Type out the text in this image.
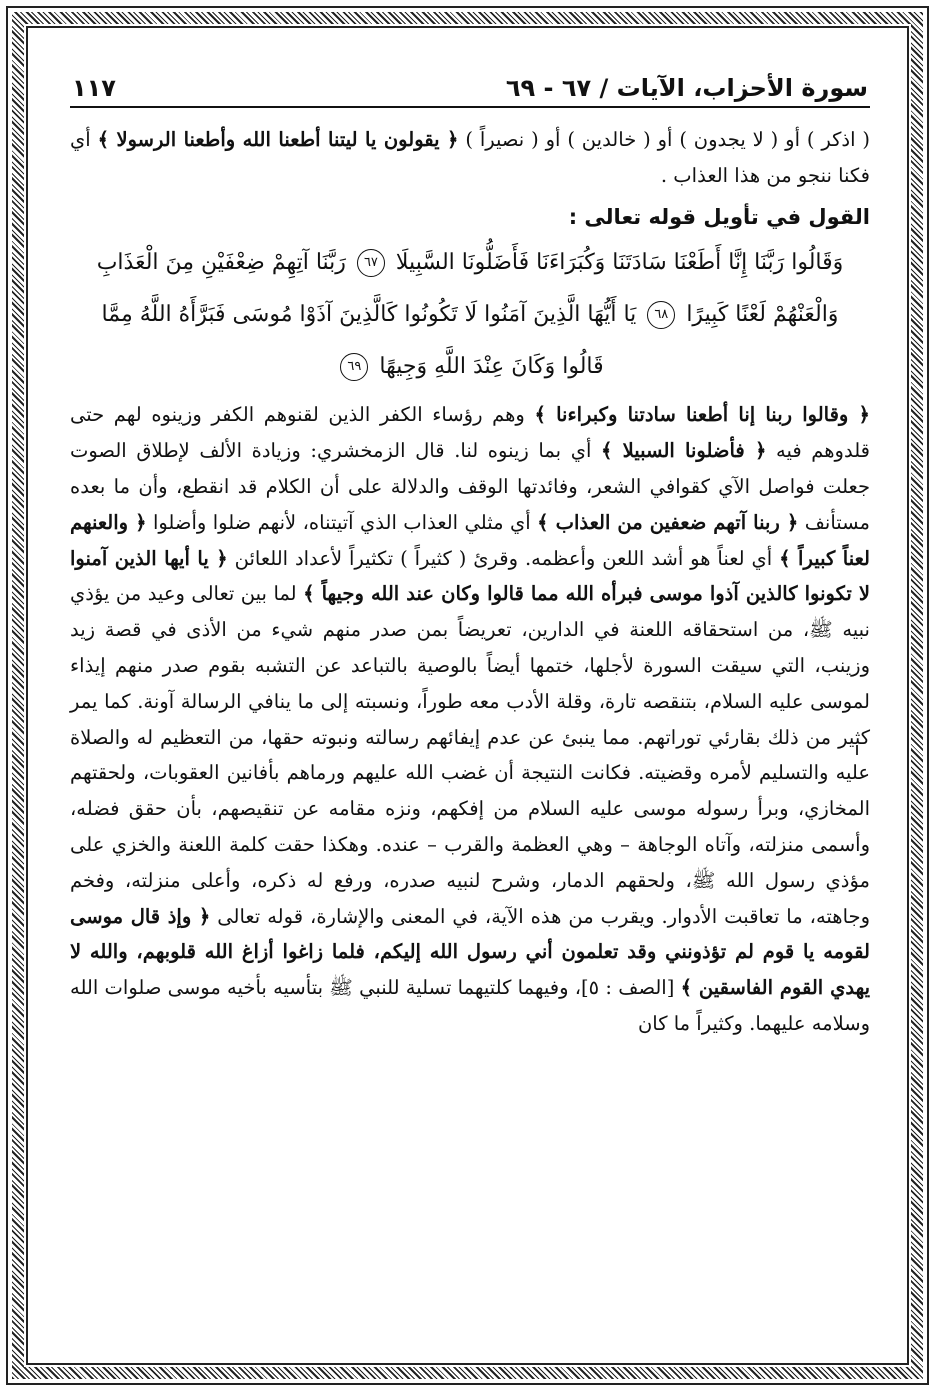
سورة الأحزاب، الآيات / ٦٧ - ٦٩
١١٧

( اذكر ) أو ( لا يجدون ) أو ( خالدين ) أو ( نصيراً ) ﴿ يقولون يا ليتنا أطعنا الله وأطعنا الرسولا ﴾ أي فكنا ننجو من هذا العذاب .

القول في تأويل قوله تعالى :
وَقَالُوا رَبَّنَا إِنَّا أَطَعْنَا سَادَتَنَا وَكُبَرَاءَنَا فَأَضَلُّونَا السَّبِيلَا ٦٧ رَبَّنَا آتِهِمْ ضِعْفَيْنِ مِنَ الْعَذَابِ وَالْعَنْهُمْ لَعْنًا كَبِيرًا ٦٨ يَا أَيُّهَا الَّذِينَ آمَنُوا لَا تَكُونُوا كَالَّذِينَ آذَوْا مُوسَى فَبَرَّأَهُ اللَّهُ مِمَّا قَالُوا وَكَانَ عِنْدَ اللَّهِ وَجِيهًا ٦٩

﴿ وقالوا ربنا إنا أطعنا سادتنا وكبراءنا ﴾ وهم رؤساء الكفر الذين لقنوهم الكفر وزينوه لهم حتى قلدوهم فيه ﴿ فأضلونا السبيلا ﴾ أي بما زينوه لنا. قال الزمخشري: وزيادة الألف لإطلاق الصوت جعلت فواصل الآي كقوافي الشعر، وفائدتها الوقف والدلالة على أن الكلام قد انقطع، وأن ما بعده مستأنف ﴿ ربنا آتهم ضعفين من العذاب ﴾ أي مثلي العذاب الذي آتيتناه، لأنهم ضلوا وأضلوا ﴿ والعنهم لعناً كبيراً ﴾ أي لعناً هو أشد اللعن وأعظمه. وقرئ ( كثيراً ) تكثيراً لأعداد اللعائن ﴿ يا أيها الذين آمنوا لا تكونوا كالذين آذوا موسى فبرأه الله مما قالوا وكان عند الله وجيهاً ﴾ لما بين تعالى وعيد من يؤذي نبيه ﷺ، من استحقاقه اللعنة في الدارين، تعريضاً بمن صدر منهم شيء من الأذى في قصة زيد وزينب، التي سيقت السورة لأجلها، ختمها أيضاً بالوصية بالتباعد عن التشبه بقوم صدر منهم إيذاء لموسى عليه السلام، بتنقصه تارة، وقلة الأدب معه طوراً، ونسبته إلى ما ينافي الرسالة آونة. كما يمر كثير من ذلك بقارئي توراتهم. مما ينبئ عن عدم إيفائهم رسالته ونبوته حقها، من التعظيم له والصلاة عليه والتسليم لأمره وقضيته. فكانت النتيجة أن غضب الله عليهم ورماهم بأفانين العقوبات، ولحقتهم المخازي، وبرأ رسوله موسى عليه السلام من إفكهم، ونزه مقامه عن تنقيصهم، بأن حقق فضله، وأسمى منزلته، وآتاه الوجاهة – وهي العظمة والقرب – عنده. وهكذا حقت كلمة اللعنة والخزي على مؤذي رسول الله ﷺ، ولحقهم الدمار، وشرح لنبيه صدره، ورفع له ذكره، وأعلى منزلته، وفخم وجاهته، ما تعاقبت الأدوار. ويقرب من هذه الآية، في المعنى والإشارة، قوله تعالى ﴿ وإذ قال موسى لقومه يا قوم لم تؤذونني وقد تعلمون أني رسول الله إليكم، فلما زاغوا أزاغ الله قلوبهم، والله لا يهدي القوم الفاسقين ﴾ [الصف : ٥]، وفيهما كلتيهما تسلية للنبي ﷺ بتأسيه بأخيه موسى صلوات الله وسلامه عليهما. وكثيراً ما كان
